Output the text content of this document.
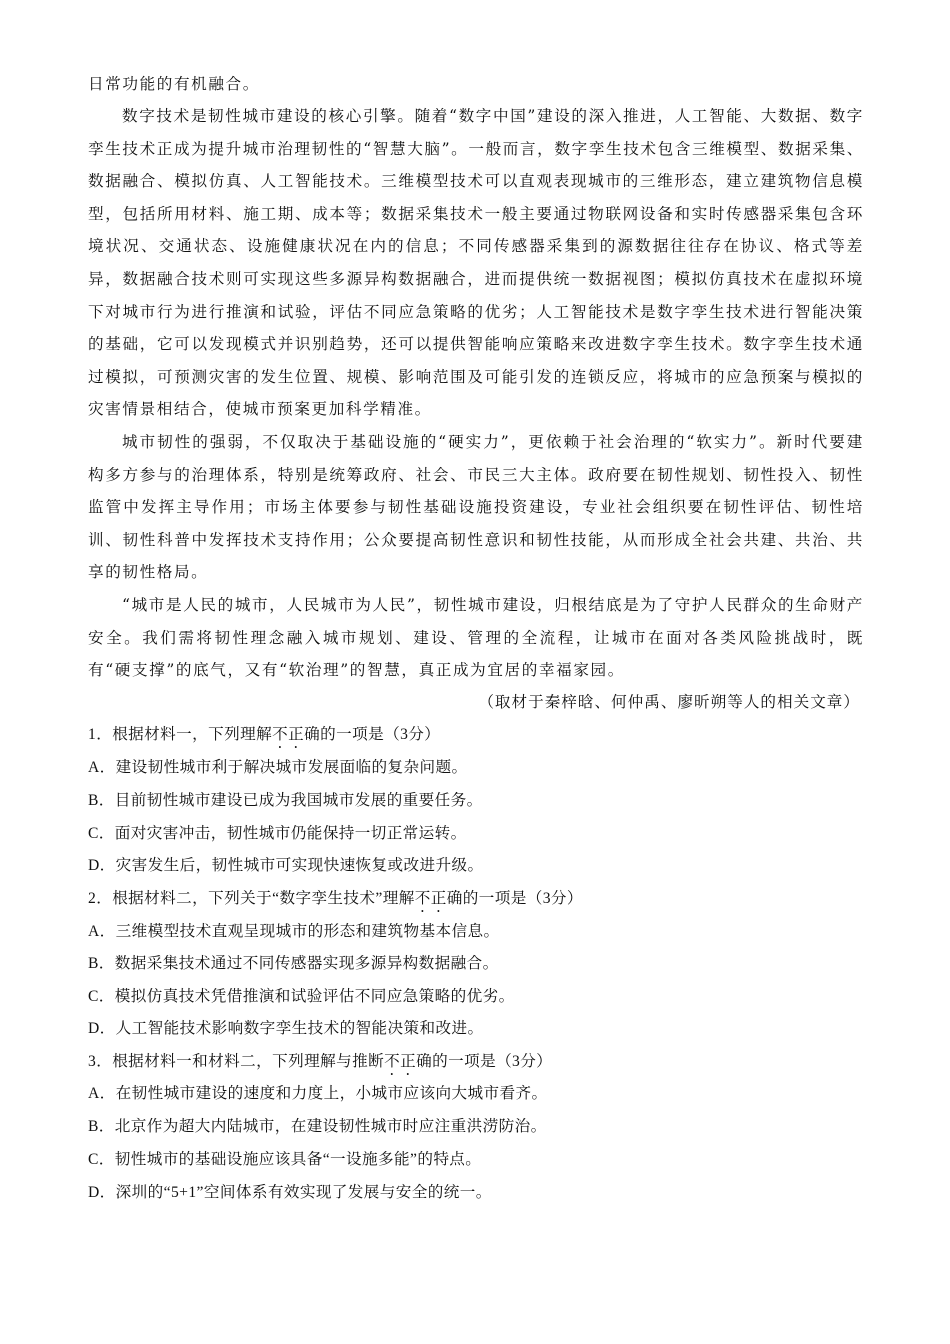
日常功能的有机融合。

数字技术是韧性城市建设的核心引擎。随着“数字中国”建设的深入推进，人工智能、大数据、数字孪生技术正成为提升城市治理韧性的“智慧大脑”。一般而言，数字孪生技术包含三维模型、数据采集、数据融合、模拟仿真、人工智能技术。三维模型技术可以直观表现城市的三维形态，建立建筑物信息模型，包括所用材料、施工期、成本等；数据采集技术一般主要通过物联网设备和实时传感器采集包含环境状况、交通状态、设施健康状况在内的信息；不同传感器采集到的源数据往往存在协议、格式等差异，数据融合技术则可实现这些多源异构数据融合，进而提供统一数据视图；模拟仿真技术在虚拟环境下对城市行为进行推演和试验，评估不同应急策略的优劣；人工智能技术是数字孪生技术进行智能决策的基础，它可以发现模式并识别趋势，还可以提供智能响应策略来改进数字孪生技术。数字孪生技术通过模拟，可预测灾害的发生位置、规模、影响范围及可能引发的连锁反应，将城市的应急预案与模拟的灾害情景相结合，使城市预案更加科学精准。

城市韧性的强弱，不仅取决于基础设施的“硬实力”，更依赖于社会治理的“软实力”。新时代要建构多方参与的治理体系，特别是统筹政府、社会、市民三大主体。政府要在韧性规划、韧性投入、韧性监管中发挥主导作用；市场主体要参与韧性基础设施投资建设，专业社会组织要在韧性评估、韧性培训、韧性科普中发挥技术支持作用；公众要提高韧性意识和韧性技能，从而形成全社会共建、共治、共享的韧性格局。

“城市是人民的城市，人民城市为人民”，韧性城市建设，归根结底是为了守护人民群众的生命财产安全。我们需将韧性理念融入城市规划、建设、管理的全流程，让城市在面对各类风险挑战时，既有“硬支撑”的底气，又有“软治理”的智慧，真正成为宜居的幸福家园。

（取材于秦梓晗、何仲禹、廖昕朔等人的相关文章）

1．根据材料一，下列理解不正确的一项是（3分）

A．建设韧性城市利于解决城市发展面临的复杂问题。

B．目前韧性城市建设已成为我国城市发展的重要任务。

C．面对灾害冲击，韧性城市仍能保持一切正常运转。

D．灾害发生后，韧性城市可实现快速恢复或改进升级。

2．根据材料二，下列关于“数字孪生技术”理解不正确的一项是（3分）

A．三维模型技术直观呈现城市的形态和建筑物基本信息。

B．数据采集技术通过不同传感器实现多源异构数据融合。

C．模拟仿真技术凭借推演和试验评估不同应急策略的优劣。

D．人工智能技术影响数字孪生技术的智能决策和改进。

3．根据材料一和材料二，下列理解与推断不正确的一项是（3分）

A．在韧性城市建设的速度和力度上，小城市应该向大城市看齐。

B．北京作为超大内陆城市，在建设韧性城市时应注重洪涝防治。

C．韧性城市的基础设施应该具备“一设施多能”的特点。

D．深圳的“5+1”空间体系有效实现了发展与安全的统一。
